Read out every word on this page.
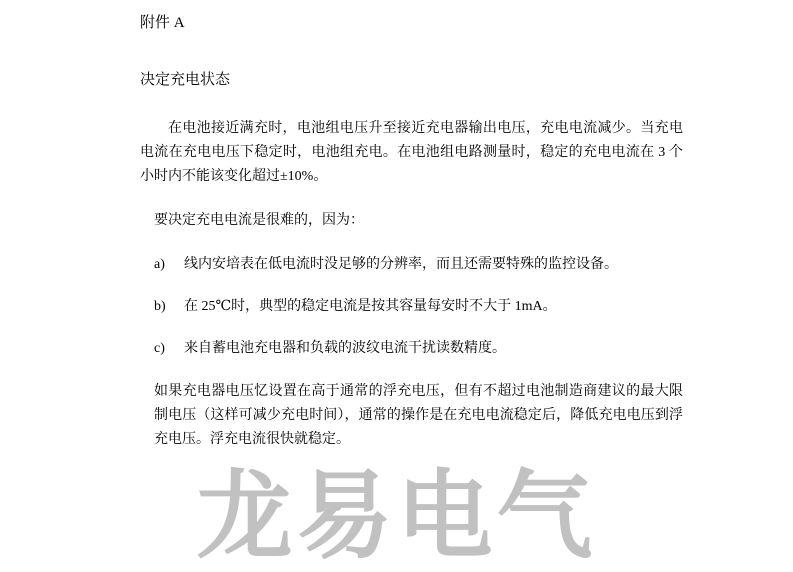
附件 A
决定充电状态

在电池接近满充时，电池组电压升至接近充电器输出电压，充电电流减少。当充电电流在充电电压下稳定时，电池组充电。在电池组电路测量时，稳定的充电电流在 3 个小时内不能该变化超过±10%。

要决定充电电流是很难的，因为：

a) 线内安培表在低电流时没足够的分辨率，而且还需要特殊的监控设备。
b) 在 25℃时，典型的稳定电流是按其容量每安时不大于 1mA。
c) 来自蓄电池充电器和负载的波纹电流干扰读数精度。

如果充电器电压忆设置在高于通常的浮充电压，但有不超过电池制造商建议的最大限制电压（这样可减少充电时间），通常的操作是在充电电流稳定后，降低充电电压到浮充电压。浮充电流很快就稳定。

龙易电气
